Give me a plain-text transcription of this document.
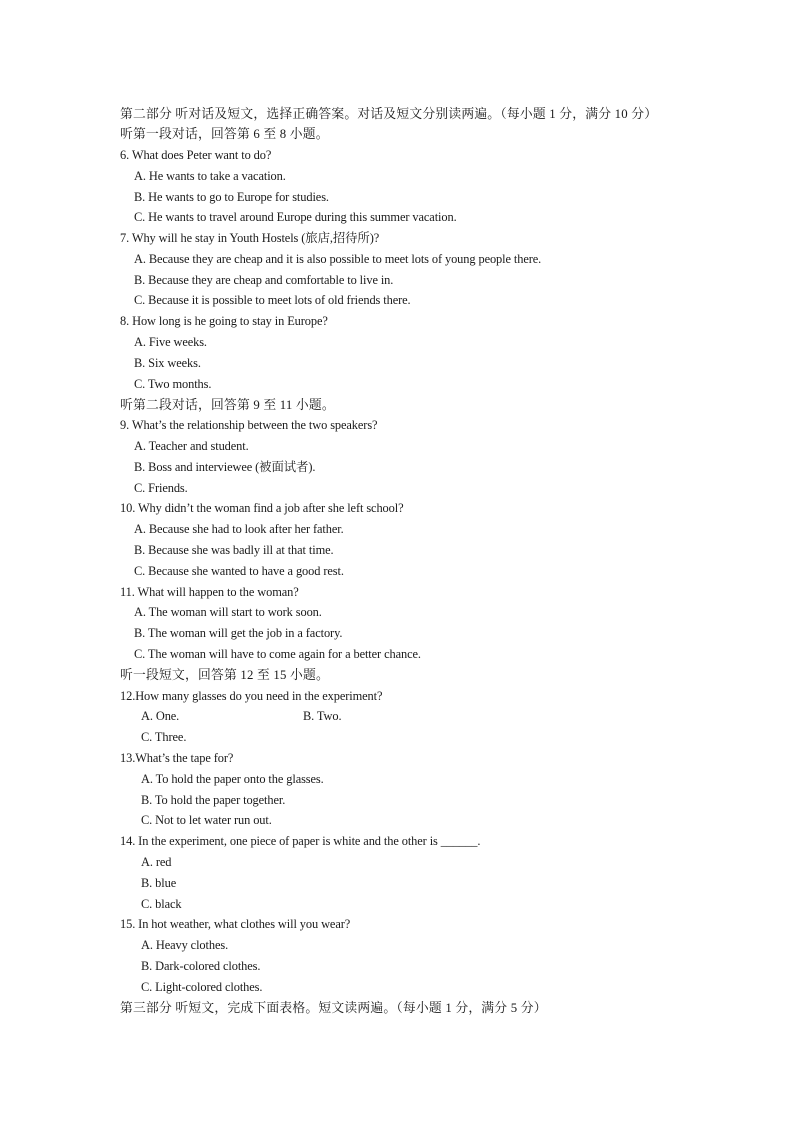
第二部分 听对话及短文，选择正确答案。对话及短文分别读两遍。（每小题 1 分，满分 10 分）
听第一段对话，回答第 6 至 8 小题。
6. What does Peter want to do?
A. He wants to take a vacation.
B. He wants to go to Europe for studies.
C. He wants to travel around Europe during this summer vacation.
7. Why will he stay in Youth Hostels (旅店,招待所)?
A. Because they are cheap and it is also possible to meet lots of young people there.
B. Because they are cheap and comfortable to live in.
C. Because it is possible to meet lots of old friends there.
8. How long is he going to stay in Europe?
A. Five weeks.
B. Six weeks.
C. Two months.
听第二段对话，回答第 9 至 11 小题。
9. What’s the relationship between the two speakers?
A. Teacher and student.
B. Boss and interviewee (被面试者).
C. Friends.
10. Why didn’t the woman find a job after she left school?
A. Because she had to look after her father.
B. Because she was badly ill at that time.
C. Because she wanted to have a good rest.
11. What will happen to the woman?
A. The woman will start to work soon.
B. The woman will get the job in a factory.
C. The woman will have to come again for a better chance.
听一段短文，回答第 12 至 15 小题。
12.How many glasses do you need in the experiment?
A. One.	B. Two.
C. Three.
13.What’s the tape for?
A. To hold the paper onto the glasses.
B. To hold the paper together.
C. Not to let water run out.
14. In the experiment, one piece of paper is white and the other is ______.
A. red
B. blue
C. black
15. In hot weather, what clothes will you wear?
A. Heavy clothes.
B. Dark-colored clothes.
C. Light-colored clothes.
第三部分 听短文，完成下面表格。短文读两遍。（每小题 1 分，满分 5 分）
